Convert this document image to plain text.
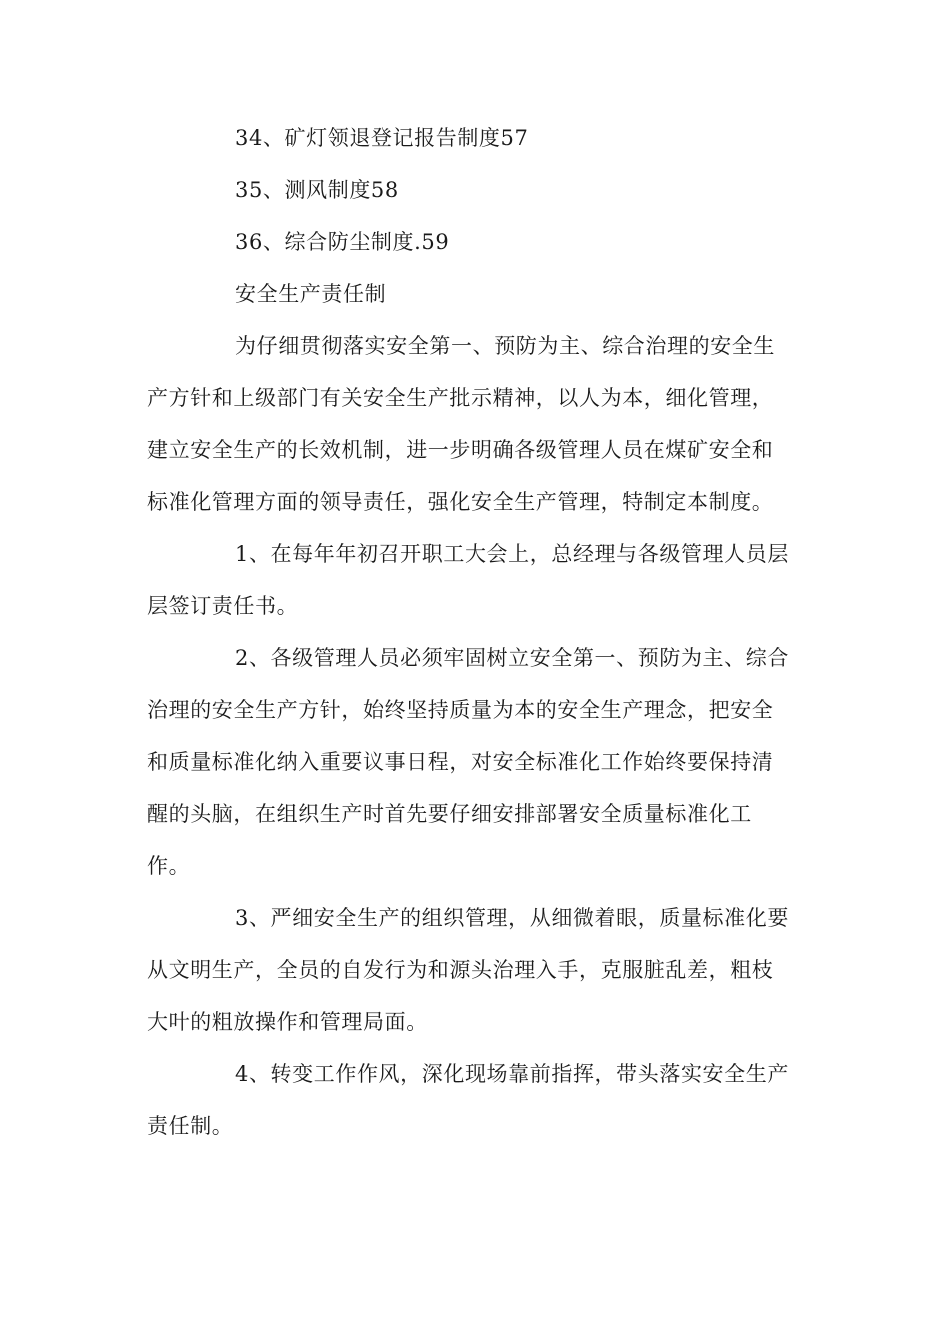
34、矿灯领退登记报告制度57
35、测风制度58
36、综合防尘制度.59
安全生产责任制
为仔细贯彻落实安全第一、预防为主、综合治理的安全生
产方针和上级部门有关安全生产批示精神，以人为本，细化管理，
建立安全生产的长效机制，进一步明确各级管理人员在煤矿安全和
标准化管理方面的领导责任，强化安全生产管理，特制定本制度。
1、在每年年初召开职工大会上，总经理与各级管理人员层
层签订责任书。
2、各级管理人员必须牢固树立安全第一、预防为主、综合
治理的安全生产方针，始终坚持质量为本的安全生产理念，把安全
和质量标准化纳入重要议事日程，对安全标准化工作始终要保持清
醒的头脑，在组织生产时首先要仔细安排部署安全质量标准化工
作。
3、严细安全生产的组织管理，从细微着眼，质量标准化要
从文明生产，全员的自发行为和源头治理入手，克服脏乱差，粗枝
大叶的粗放操作和管理局面。
4、转变工作作风，深化现场靠前指挥，带头落实安全生产
责任制。
